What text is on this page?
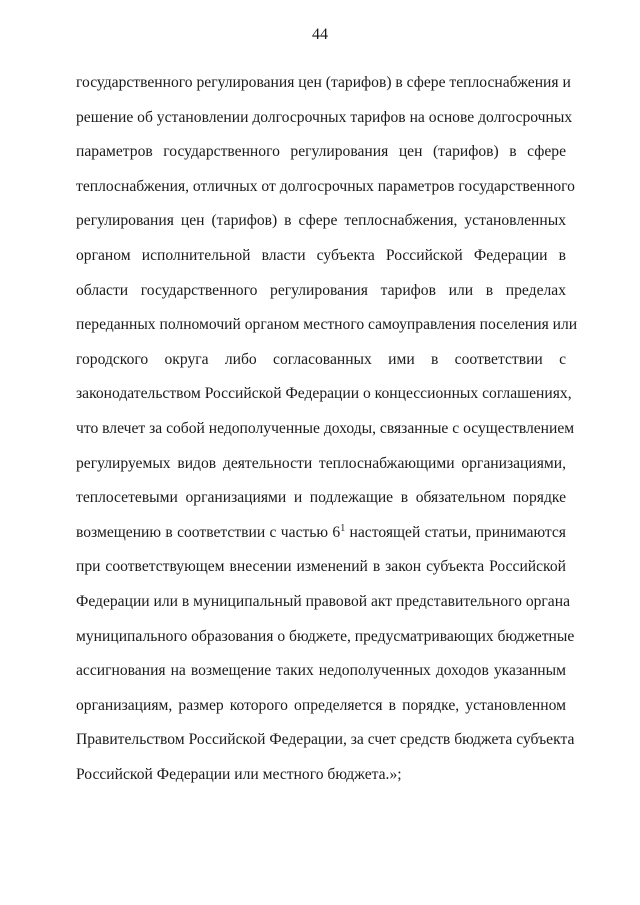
44
государственного регулирования цен (тарифов) в сфере теплоснабжения и
решение об установлении долгосрочных тарифов на основе долгосрочных
параметров государственного регулирования цен (тарифов) в сфере
теплоснабжения, отличных от долгосрочных параметров государственного
регулирования цен (тарифов) в сфере теплоснабжения, установленных
органом исполнительной власти субъекта Российской Федерации в
области государственного регулирования тарифов или в пределах
переданных полномочий органом местного самоуправления поселения или
городского округа либо согласованных ими в соответствии с
законодательством Российской Федерации о концессионных соглашениях,
что влечет за собой недополученные доходы, связанные с осуществлением
регулируемых видов деятельности теплоснабжающими организациями,
теплосетевыми организациями и подлежащие в обязательном порядке
возмещению в соответствии с частью $6^1$ настоящей статьи, принимаются
при соответствующем внесении изменений в закон субъекта Российской
Федерации или в муниципальный правовой акт представительного органа
муниципального образования о бюджете, предусматривающих бюджетные
ассигнования на возмещение таких недополученных доходов указанным
организациям, размер которого определяется в порядке, установленном
Правительством Российской Федерации, за счет средств бюджета субъекта
Российской Федерации или местного бюджета.»;
